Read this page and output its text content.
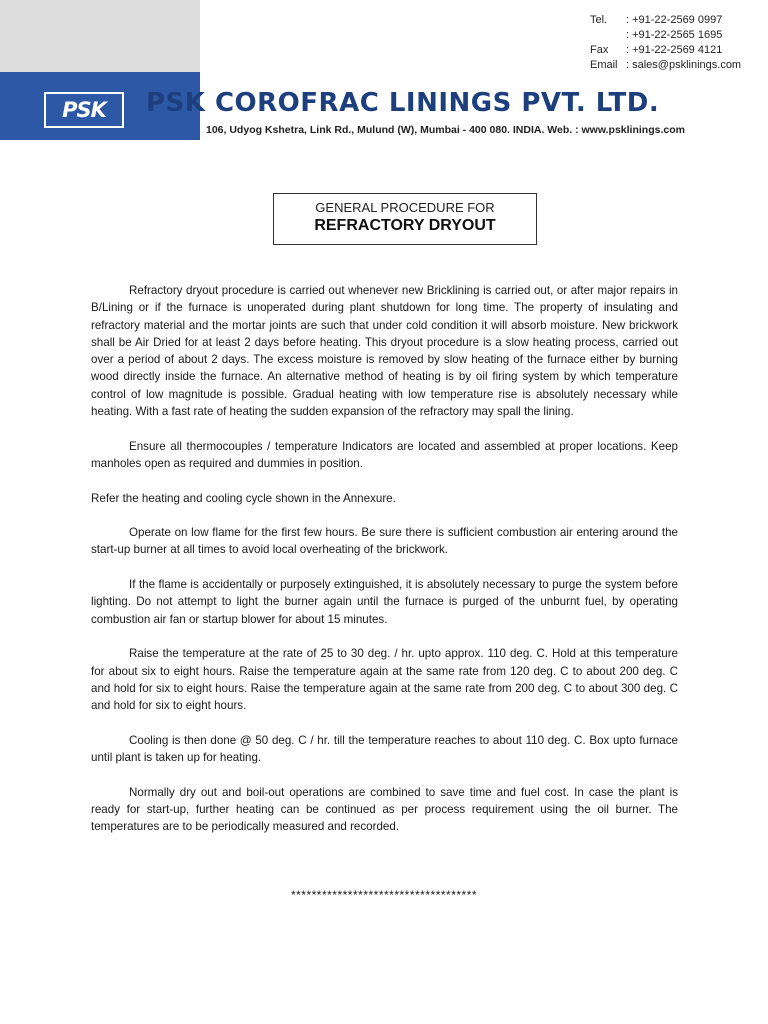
PSK PSK COROFRAC LININGS PVT. LTD.
106, Udyog Kshetra, Link Rd., Mulund (W), Mumbai - 400 080. INDIA. Web. : www.psklinings.com
Tel.	: +91-22-2569 0997
: +91-22-2565 1695
Fax	: +91-22-2569 4121
Email : sales@psklinings.com
GENERAL PROCEDURE FOR
REFRACTORY DRYOUT

Refractory dryout procedure is carried out whenever new Bricklining is carried out, or after major repairs in B/Lining or if the furnace is unoperated during plant shutdown for long time. The property of insulating and refractory material and the mortar joints are such that under cold condition it will absorb moisture. New brickwork shall be Air Dried for at least 2 days before heating. This dryout procedure is a slow heating process, carried out over a period of about 2 days. The excess moisture is removed by slow heating of the furnace either by burning wood directly inside the furnace. An alternative method of heating is by oil firing system by which temperature control of low magnitude is possible. Gradual heating with low temperature rise is absolutely necessary while heating. With a fast rate of heating the sudden expansion of the refractory may spall the lining.

Ensure all thermocouples / temperature Indicators are located and assembled at proper locations. Keep manholes open as required and dummies in position.

Refer the heating and cooling cycle shown in the Annexure.

Operate on low flame for the first few hours. Be sure there is sufficient combustion air entering around the start-up burner at all times to avoid local overheating of the brickwork.

If the flame is accidentally or purposely extinguished, it is absolutely necessary to purge the system before lighting. Do not attempt to light the burner again until the furnace is purged of the unburnt fuel, by operating combustion air fan or startup blower for about 15 minutes.

Raise the temperature at the rate of 25 to 30 deg. / hr. upto approx. 110 deg. C. Hold at this temperature for about six to eight hours. Raise the temperature again at the same rate from 120 deg. C to about 200 deg. C and hold for six to eight hours. Raise the temperature again at the same rate from 200 deg. C to about 300 deg. C and hold for six to eight hours.

Cooling is then done @ 50 deg. C / hr. till the temperature reaches to about 110 deg. C. Box upto furnace until plant is taken up for heating.

Normally dry out and boil-out operations are combined to save time and fuel cost. In case the plant is ready for start-up, further heating can be continued as per process requirement using the oil burner. The temperatures are to be periodically measured and recorded.

************************************
